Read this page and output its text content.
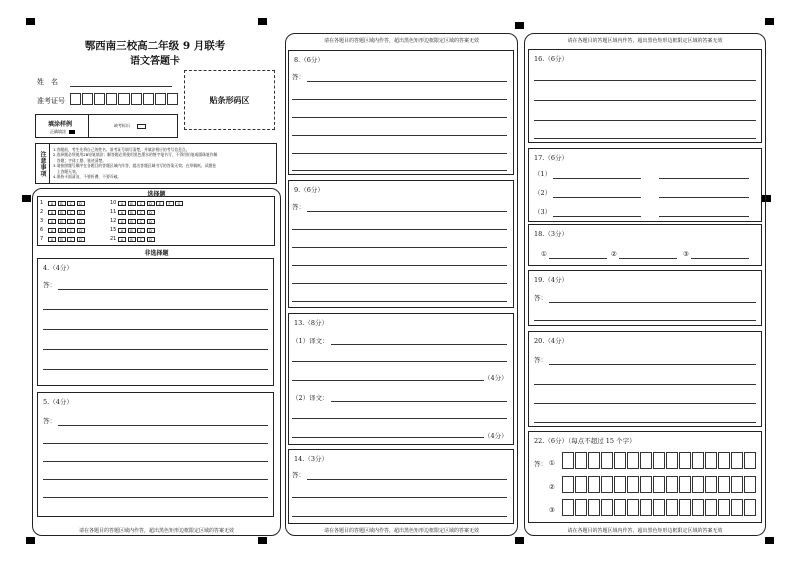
鄂西南三校高二年级 9 月联考
语文答题卡
姓　名
准考证号	贴条形码区
填涂样例
正确填涂
缺考标识
注意事项
1.答题前，考生先将自己的姓名、准考证号填写清楚，并填涂相应的考号信息点。
2.选择题必须使用2B铅笔填涂；解答题必须使用黑色墨水的签字笔书写，不得用铅笔或圆珠笔作解
　答题；字体工整、笔迹清楚。
3.请按照题号顺序在各题目的答题区域内作答，超出答题区域书写的答案无效；在草稿纸、试题卷
　上答题无效。
4.保持卡面清洁，不要折叠、不要弄破。
选择题
1	A	B	C	D
2	A	B	C	D
3	A	B	C	D
6	A	B	C	D
7	A	B	C	D
10	A	B	C	D	E	F	G
11	A	B	C	D
12	A	B	C	D
15	A	B	C	D
21	A	B	C	D
非选择题
4.（4分）
答：
5.（4分）
答：
请在各题目的答题区域内作答，超出黑色矩形边框限定区域的答案无效
请在各题目的答题区域内作答，超出黑色矩形边框限定区域的答案无效
8.（6分）
答：
9.（6分）
答：
13.（8分）
（1）译文：
（4分）
（2）译文：
（4分）
14.（3分）
答：
请在各题目的答题区域内作答，超出黑色矩形边框限定区域的答案无效
请在各题目的答题区域内作答，超出黑色矩形边框限定区域的答案无效
16.（6分）
17.（6分）
（1）
（2）
（3）
18.（3分）
①	②	③
19.（4分）
答：
20.（4分）
答：
22.（6分）（每点不超过 15 个字）
答： ①
②
③
请在各题目的答题区域内作答，超出黑色矩形边框限定区域的答案无效
